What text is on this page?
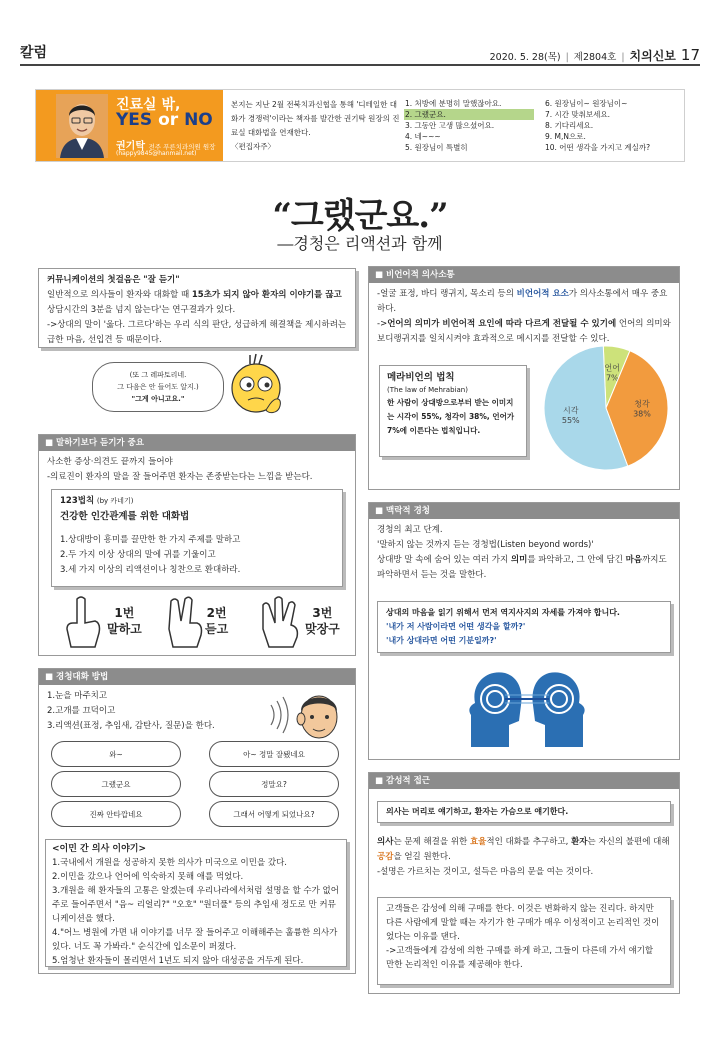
칼럼	2020. 5. 28(목) | 제2804호 | 치의신보 17
진료실 밖,
YES or NO
권기탁 전주 푸른치과의원 원장
(happy9845@hanmail.net)
본지는 지난 2월 전북치과신협을 통해 '디테일한 대화가 경쟁력'이라는 책자를 발간한 권기탁 원장의 진료실 대화법을 연재한다.
〈편집자주〉
1. 처방에 분명히 말했잖아요.
2. 그랬군요.
3. 그동안 고생 많으셨어요.
4. 네~~~
5. 원장님이 특별히
6. 원장님이~ 원장님이~
7. 시간 맞춰보세요.
8. 기다리세요.
9. M,N으로.
10. 어떤 생각을 가지고 계실까?
“그랬군요.”
―경청은 리액션과 함께
커뮤니케이션의 첫걸음은 "잘 듣기"
일반적으로 의사들이 환자와 대화할 때 15초가 되지 않아 환자의 이야기를 끊고 상담시간의 3분을 넘지 않는다'는 연구결과가 있다.
->상대의 말이 '옳다. 그르다'하는 우리 식의 판단, 성급하게 해결책을 제시하려는 급한 마음, 선입견 등 때문이다.
(또 그 레파토리네.
그 다음은 안 들어도 알지.)
"그게 아니고요."
■ 말하기보다 듣기가 중요
사소한 증상·의견도 끝까지 들어야
-의료진이 환자의 말을 잘 들어주면 환자는 존중받는다는 느낌을 받는다.
123법칙 (by 카네기)
건강한 인간관계를 위한 대화법
1.상대방이 흥미를 끌만한 한 가지 주제를 말하고
2.두 가지 이상 상대의 말에 귀를 기울이고
3.세 가지 이상의 리액션이나 칭찬으로 환대하라.
1번
말하고
2번
듣고
3번
맞장구
■ 경청대화 방법
1.눈을 마주치고
2.고개를 끄덕이고
3.리액션(표정, 추임새, 감탄사, 질문)을 한다.
와~	아~ 정말 잘됐네요
그랬군요	정말요?
진짜 안타깝네요	그래서 어떻게 되었나요?
<이민 간 의사 이야기>
1.국내에서 개원을 성공하지 못한 의사가 미국으로 이민을 갔다.
2.이민을 갔으나 언어에 익숙하지 못해 애를 먹었다.
3.개원을 해 환자들의 고통은 알겠는데 우리나라에서처럼 설명을 할 수가 없어 주로 들어주면서 "음~ 리얼리?" "오호" "원더풀" 등의 추임새 정도로 만 커뮤니케이션을 했다.
4."어느 병원에 가면 내 이야기를 너무 잘 들어주고 이해해주는 훌륭한 의사가 있다. 너도 꼭 가봐라." 순식간에 입소문이 퍼졌다.
5.엄청난 환자들이 몰리면서 1년도 되지 않아 대성공을 거두게 된다.
■ 비언어적 의사소통
-얼굴 표정, 바디 랭귀지, 목소리 등의 비언어적 요소가 의사소통에서 매우 중요하다.
->언어의 의미가 비언어적 요인에 따라 다르게 전달될 수 있기에 언어의 의미와 보디랭귀지를 일치시켜야 효과적으로 메시지를 전달할 수 있다.
메라비언의 법칙
(The law of Mehrabian)
한 사람이 상대방으로부터 받는 이미지는 시각이 55%, 청각이 38%, 언어가 7%에 이른다는 법칙입니다.
언어 7%
청각 38%
시각 55%
■ 맥락적 경청
경청의 최고 단계.
'말하지 않는 것까지 듣는 경청법(Listen beyond words)'
상대방 말 속에 숨어 있는 여러 가지 의미를 파악하고, 그 안에 담긴 마음까지도 파악하면서 듣는 것을 말한다.
상대의 마음을 읽기 위해서 먼저 역지사지의 자세를 가져야 합니다.
'내가 저 사람이라면 어떤 생각을 할까?'
'내가 상대라면 어떤 기분일까?'
■ 감성적 접근
의사는 머리로 얘기하고, 환자는 가슴으로 얘기한다.
의사는 문제 해결을 위한 효율적인 대화를 추구하고, 환자는 자신의 불편에 대해 공감을 얻길 원한다.
-설명은 가르치는 것이고, 설득은 마음의 문을 여는 것이다.
고객들은 감성에 의해 구매를 한다. 이것은 변화하지 않는 진리다. 하지만 다른 사람에게 말할 때는 자기가 한 구매가 매우 이성적이고 논리적인 것이었다는 이유를 댄다.
->고객들에게 감성에 의한 구매를 하게 하고, 그들이 다른데 가서 얘기할 만한 논리적인 이유를 제공해야 한다.
